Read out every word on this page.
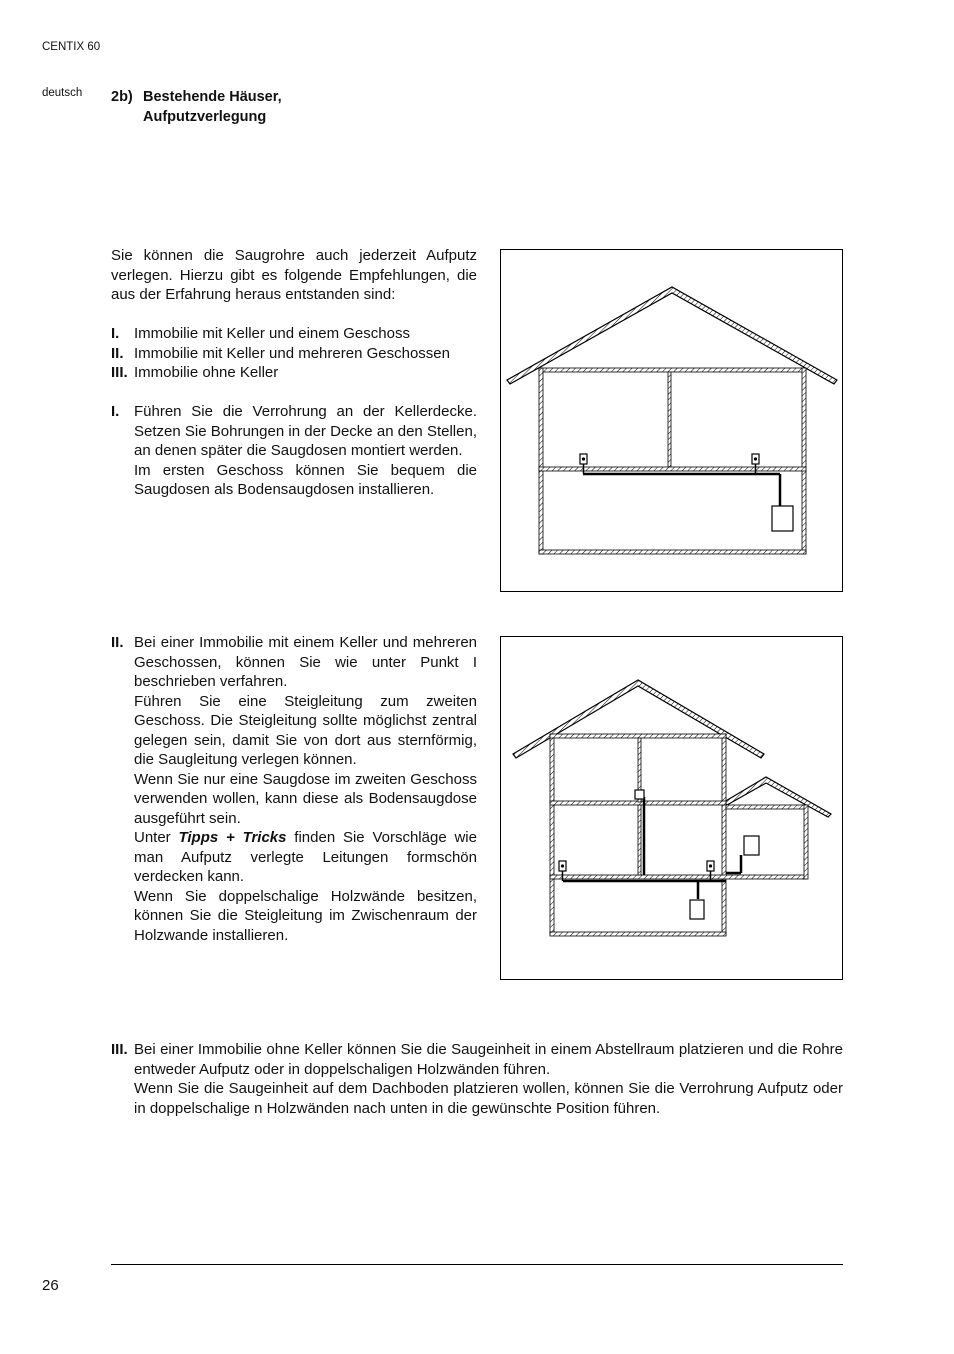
CENTIX 60
deutsch 2b) Bestehende Häuser,
Aufputzverlegung

Sie können die Saugrohre auch jederzeit Aufputz verlegen. Hierzu gibt es folgende Empfehlungen, die aus der Erfahrung heraus entstanden sind:

I. Immobilie mit Keller und einem Geschoss
II. Immobilie mit Keller und mehreren Geschossen
III. Immobilie ohne Keller
I. Führen Sie die Verrohrung an der Kellerdecke. Setzen Sie Bohrungen in der Decke an den Stellen, an denen später die Saugdosen montiert werden.

Im ersten Geschoss können Sie bequem die Saugdosen als Bodensaugdosen installieren.

II. Bei einer Immobilie mit einem Keller und mehreren Geschossen, können Sie wie unter Punkt I beschrieben verfahren.

Führen Sie eine Steigleitung zum zweiten Geschoss. Die Steigleitung sollte möglichst zentral gelegen sein, damit Sie von dort aus sternförmig, die Saugleitung verlegen können.

Wenn Sie nur eine Saugdose im zweiten Geschoss verwenden wollen, kann diese als Bodensaugdose ausgeführt sein.

Unter Tipps + Tricks finden Sie Vorschläge wie man Aufputz verlegte Leitungen formschön verdecken kann.

Wenn Sie doppelschalige Holzwände besitzen, können Sie die Steigleitung im Zwischenraum der Holzwande installieren.

III. Bei einer Immobilie ohne Keller können Sie die Saugeinheit in einem Abstellraum platzieren und die Rohre entweder Aufputz oder in doppelschaligen Holzwänden führen.

Wenn Sie die Saugeinheit auf dem Dachboden platzieren wollen, können Sie die Verrohrung Aufputz oder in doppelschalige n Holzwänden nach unten in die gewünschte Position führen.

26
